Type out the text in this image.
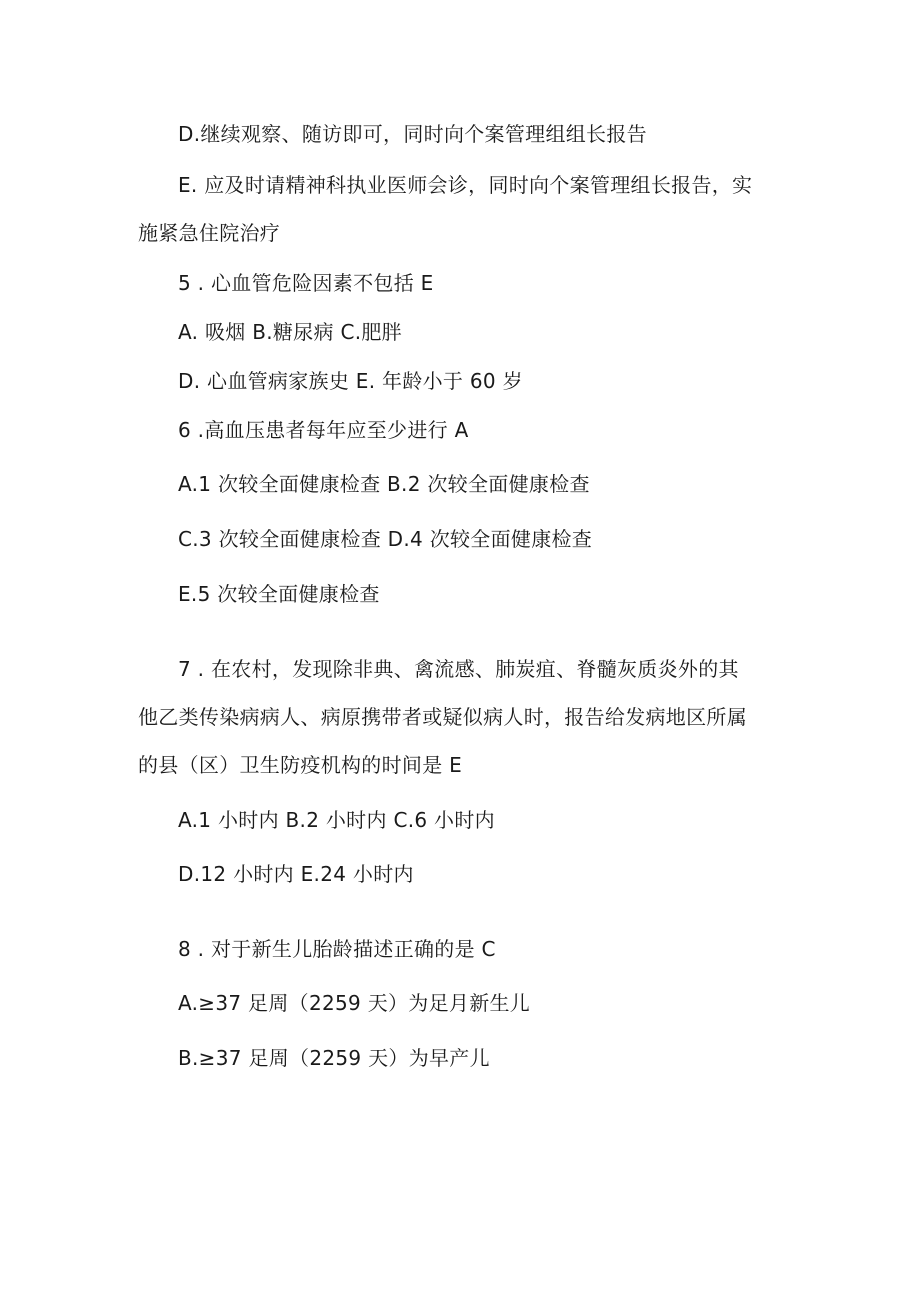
D.继续观察、随访即可，同时向个案管理组组长报告
E. 应及时请精神科执业医师会诊，同时向个案管理组长报告，实
施紧急住院治疗
5 . 心血管危险因素不包括 E
A. 吸烟 B.糖尿病 C.肥胖
D. 心血管病家族史 E. 年龄小于 60 岁
6 .高血压患者每年应至少进行 A
A.1 次较全面健康检查 B.2 次较全面健康检查
C.3 次较全面健康检查 D.4 次较全面健康检查
E.5 次较全面健康检查
7 . 在农村，发现除非典、禽流感、肺炭疽、脊髓灰质炎外的其
他乙类传染病病人、病原携带者或疑似病人时，报告给发病地区所属
的县（区）卫生防疫机构的时间是 E
A.1 小时内 B.2 小时内 C.6 小时内
D.12 小时内 E.24 小时内
8 . 对于新生儿胎龄描述正确的是 C
A.≥37 足周（2259 天）为足月新生儿
B.≥37 足周（2259 天）为早产儿
